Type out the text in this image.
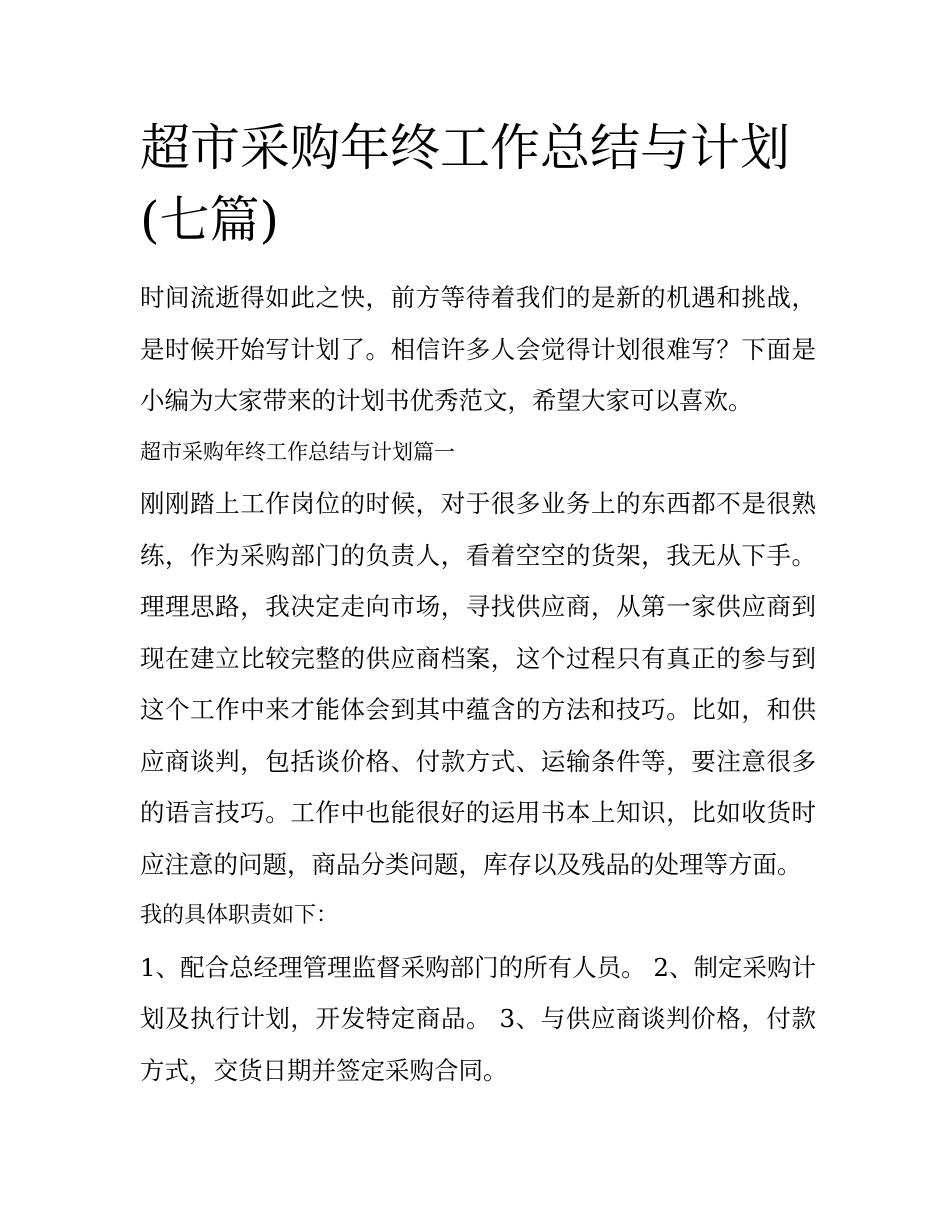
超市采购年终工作总结与计划(七篇)

时间流逝得如此之快，前方等待着我们的是新的机遇和挑战，是时候开始写计划了。相信许多人会觉得计划很难写？下面是小编为大家带来的计划书优秀范文，希望大家可以喜欢。

超市采购年终工作总结与计划篇一

刚刚踏上工作岗位的时候，对于很多业务上的东西都不是很熟练，作为采购部门的负责人，看着空空的货架，我无从下手。理理思路，我决定走向市场，寻找供应商，从第一家供应商到现在建立比较完整的供应商档案，这个过程只有真正的参与到这个工作中来才能体会到其中蕴含的方法和技巧。比如，和供应商谈判，包括谈价格、付款方式、运输条件等，要注意很多的语言技巧。工作中也能很好的运用书本上知识，比如收货时应注意的问题，商品分类问题，库存以及残品的处理等方面。

我的具体职责如下：

1、配合总经理管理监督采购部门的所有人员。 2、制定采购计划及执行计划，开发特定商品。 3、与供应商谈判价格，付款方式，交货日期并签定采购合同。
